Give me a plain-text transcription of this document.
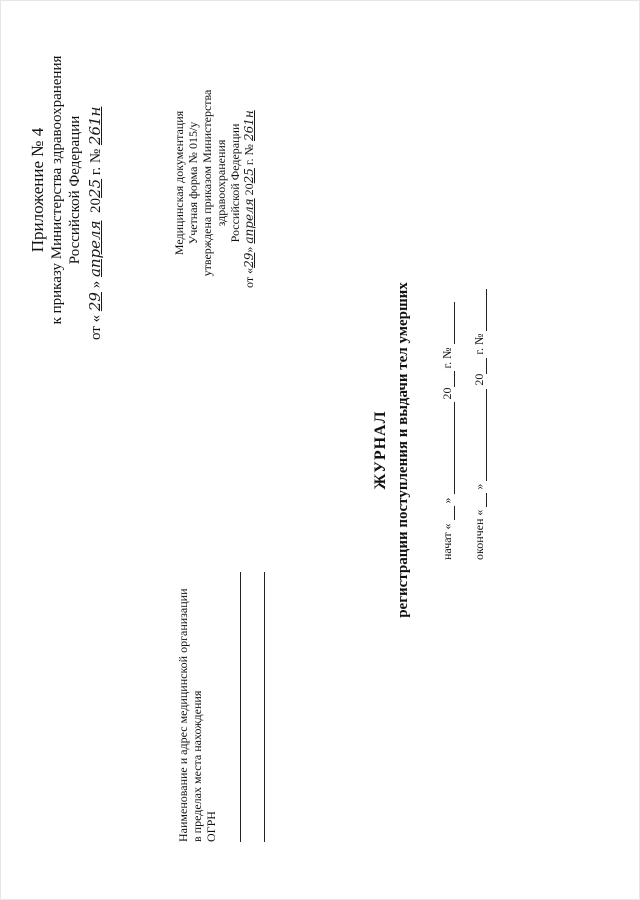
Приложение № 4 к приказу Министерства здравоохранения Российской Федерации
от « 29 » апреля  2025 г. № 261н	Медицинская документация Учетная форма № 015/у утверждена приказом Министерства здравоохранения Российской Федерации
от «29» апреля 2025 г. № 261н
Наименование и адрес медицинской организации в пределах места нахождения ОГРН
ЖУРНАЛ регистрации поступления и выдачи тел умерших начат «  »  20 г. №
окончен «  »  20 г. №
